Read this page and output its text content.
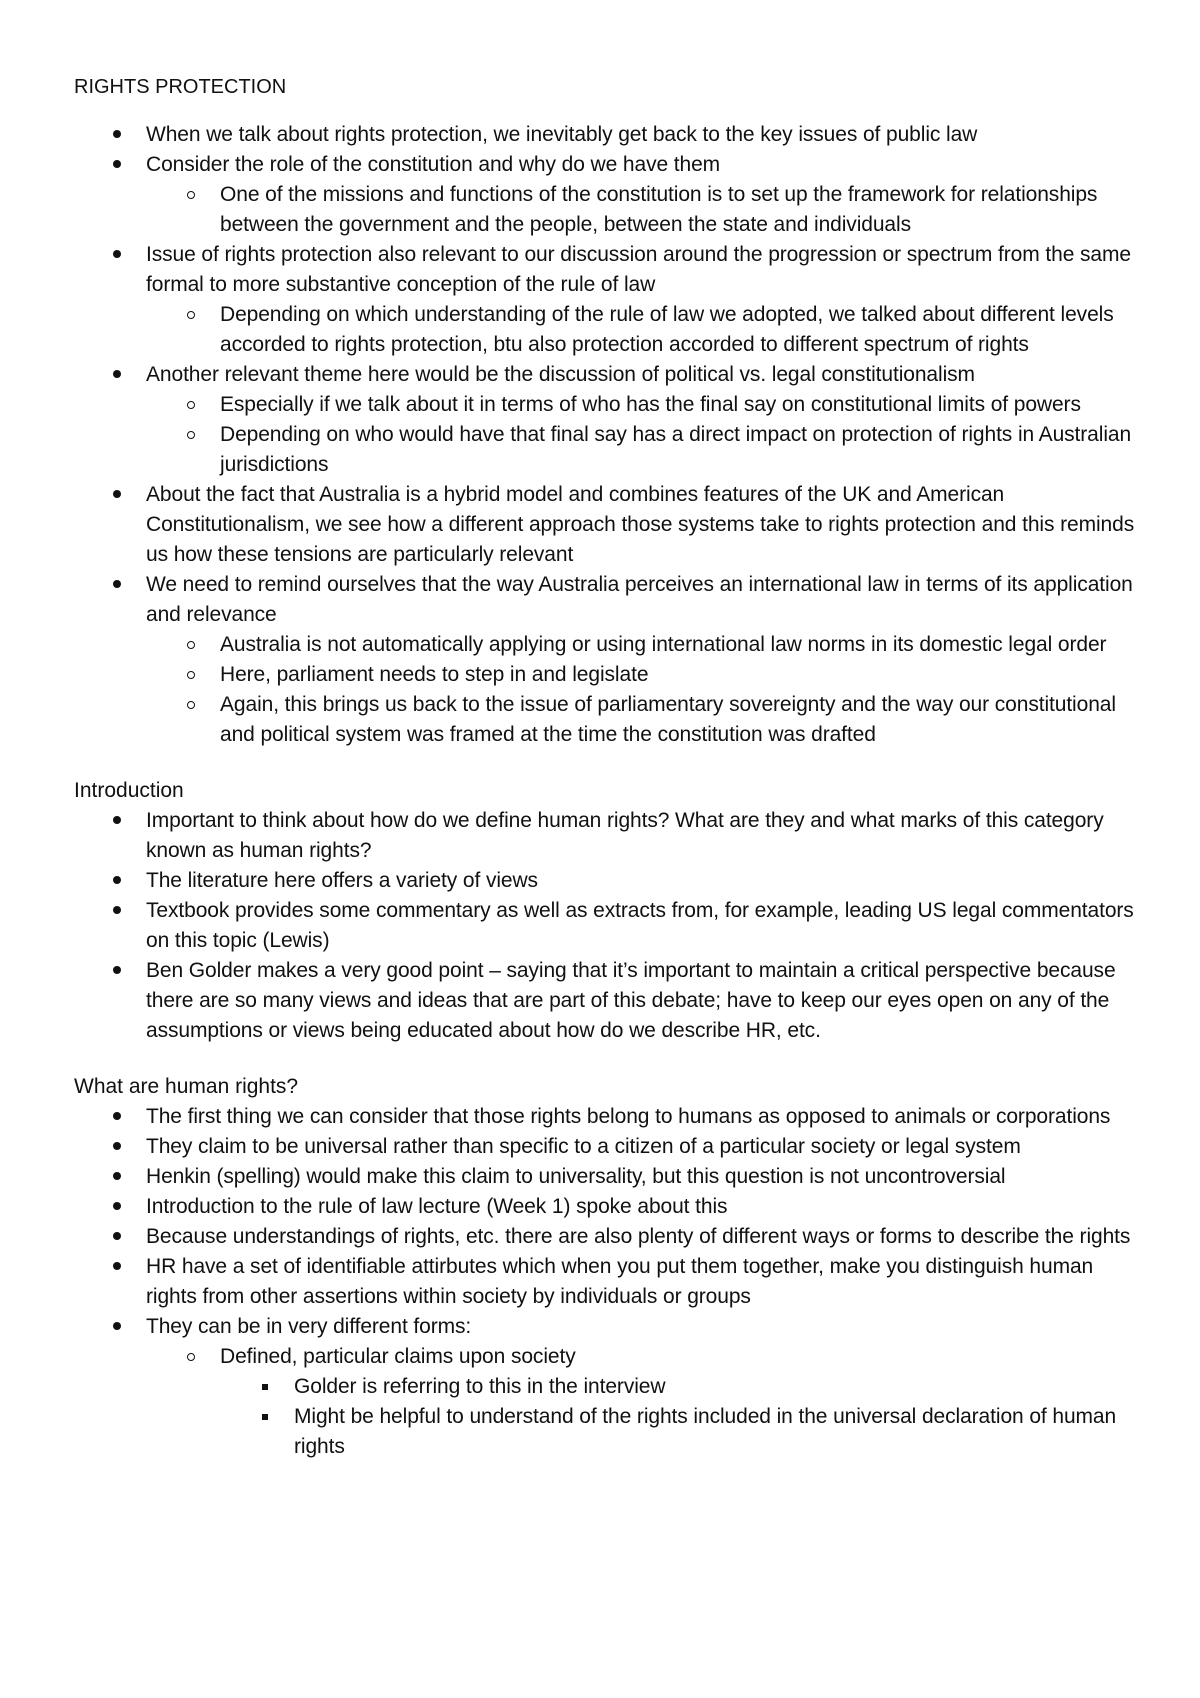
RIGHTS PROTECTION
When we talk about rights protection, we inevitably get back to the key issues of public law
Consider the role of the constitution and why do we have them
One of the missions and functions of the constitution is to set up the framework for relationships between the government and the people, between the state and individuals
Issue of rights protection also relevant to our discussion around the progression or spectrum from the same formal to more substantive conception of the rule of law
Depending on which understanding of the rule of law we adopted, we talked about different levels accorded to rights protection, btu also protection accorded to different spectrum of rights
Another relevant theme here would be the discussion of political vs. legal constitutionalism
Especially if we talk about it in terms of who has the final say on constitutional limits of powers
Depending on who would have that final say has a direct impact on protection of rights in Australian jurisdictions
About the fact that Australia is a hybrid model and combines features of the UK and American Constitutionalism, we see how a different approach those systems take to rights protection and this reminds us how these tensions are particularly relevant
We need to remind ourselves that the way Australia perceives an international law in terms of its application and relevance
Australia is not automatically applying or using international law norms in its domestic legal order
Here, parliament needs to step in and legislate
Again, this brings us back to the issue of parliamentary sovereignty and the way our constitutional and political system was framed at the time the constitution was drafted
Introduction
Important to think about how do we define human rights? What are they and what marks of this category known as human rights?
The literature here offers a variety of views
Textbook provides some commentary as well as extracts from, for example, leading US legal commentators on this topic (Lewis)
Ben Golder makes a very good point – saying that it’s important to maintain a critical perspective because there are so many views and ideas that are part of this debate; have to keep our eyes open on any of the assumptions or views being educated about how do we describe HR, etc.
What are human rights?
The first thing we can consider that those rights belong to humans as opposed to animals or corporations
They claim to be universal rather than specific to a citizen of a particular society or legal system
Henkin (spelling) would make this claim to universality, but this question is not uncontroversial
Introduction to the rule of law lecture (Week 1) spoke about this
Because understandings of rights, etc. there are also plenty of different ways or forms to describe the rights
HR have a set of identifiable attirbutes which when you put them together, make you distinguish human rights from other assertions within society by individuals or groups
They can be in very different forms:
Defined, particular claims upon society
Golder is referring to this in the interview
Might be helpful to understand of the rights included in the universal declaration of human rights
